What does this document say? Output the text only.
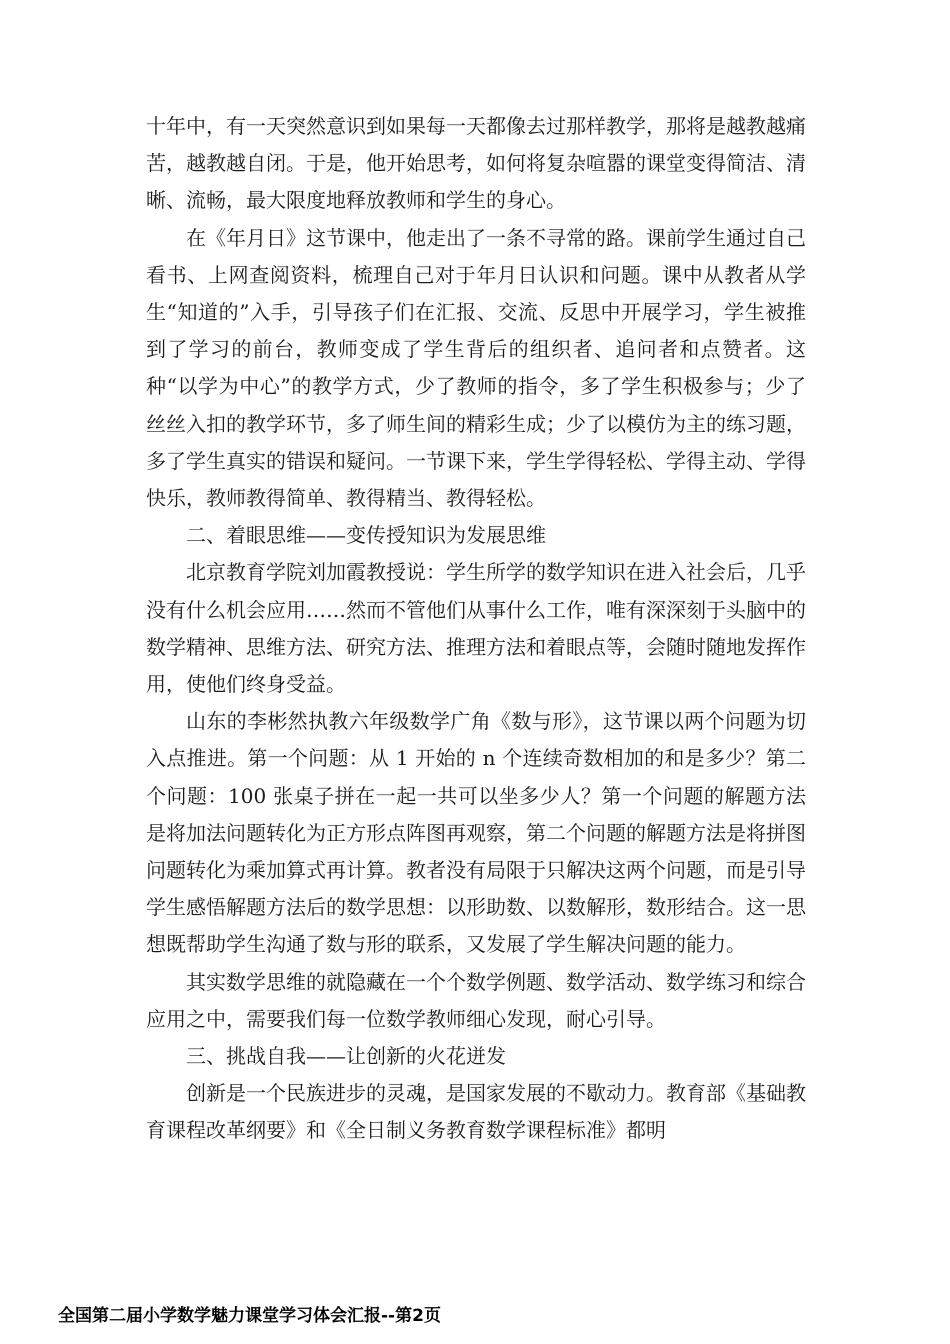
十年中，有一天突然意识到如果每一天都像去过那样教学，那将是越教越痛苦，越教越自闭。于是，他开始思考，如何将复杂喧嚣的课堂变得简洁、清晰、流畅，最大限度地释放教师和学生的身心。

在《年月日》这节课中，他走出了一条不寻常的路。课前学生通过自己看书、上网查阅资料，梳理自己对于年月日认识和问题。课中从教者从学生“知道的”入手，引导孩子们在汇报、交流、反思中开展学习，学生被推到了学习的前台，教师变成了学生背后的组织者、追问者和点赞者。这种“以学为中心”的教学方式，少了教师的指令，多了学生积极参与；少了丝丝入扣的教学环节，多了师生间的精彩生成；少了以模仿为主的练习题，多了学生真实的错误和疑问。一节课下来，学生学得轻松、学得主动、学得快乐，教师教得简单、教得精当、教得轻松。

二、着眼思维——变传授知识为发展思维

北京教育学院刘加霞教授说：学生所学的数学知识在进入社会后，几乎没有什么机会应用……然而不管他们从事什么工作，唯有深深刻于头脑中的数学精神、思维方法、研究方法、推理方法和着眼点等，会随时随地发挥作用，使他们终身受益。

山东的李彬然执教六年级数学广角《数与形》，这节课以两个问题为切入点推进。第一个问题：从 1 开始的 n 个连续奇数相加的和是多少？第二个问题：100 张桌子拼在一起一共可以坐多少人？第一个问题的解题方法是将加法问题转化为正方形点阵图再观察，第二个问题的解题方法是将拼图问题转化为乘加算式再计算。教者没有局限于只解决这两个问题，而是引导学生感悟解题方法后的数学思想：以形助数、以数解形，数形结合。这一思想既帮助学生沟通了数与形的联系，又发展了学生解决问题的能力。

其实数学思维的就隐藏在一个个数学例题、数学活动、数学练习和综合应用之中，需要我们每一位数学教师细心发现，耐心引导。

三、挑战自我——让创新的火花迸发

创新是一个民族进步的灵魂，是国家发展的不歇动力。教育部《基础教育课程改革纲要》和《全日制义务教育数学课程标准》都明

全国第二届小学数学魅力课堂学习体会汇报--第2页
